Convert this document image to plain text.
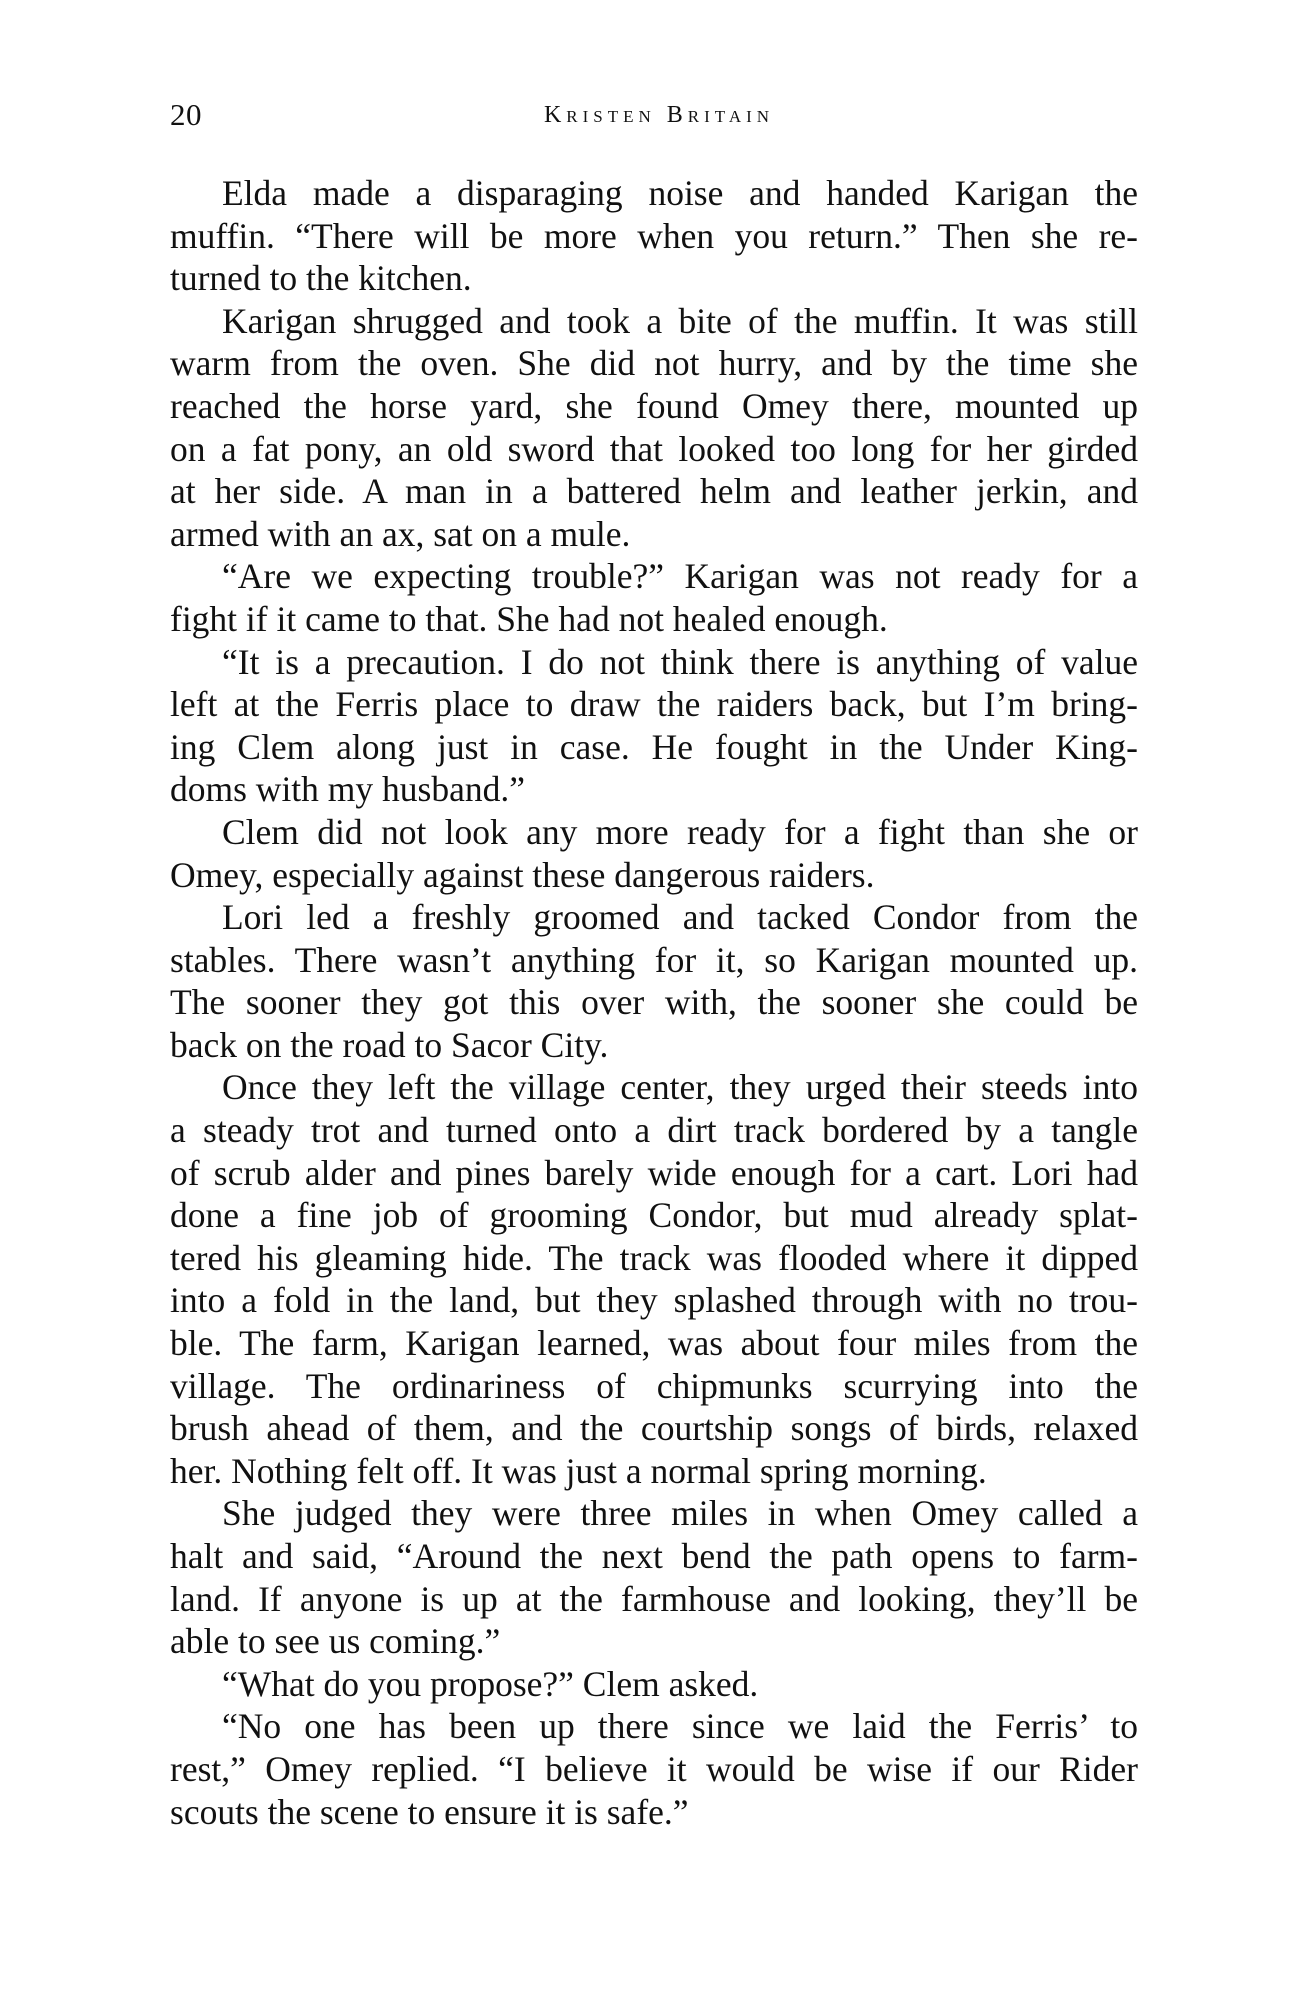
20	Kristen Britain
Elda made a disparaging noise and handed Karigan the
muffin. “There will be more when you return.” Then she re-
turned to the kitchen.
Karigan shrugged and took a bite of the muffin. It was still
warm from the oven. She did not hurry, and by the time she
reached the horse yard, she found Omey there, mounted up
on a fat pony, an old sword that looked too long for her girded
at her side. A man in a battered helm and leather jerkin, and
armed with an ax, sat on a mule.
“Are we expecting trouble?” Karigan was not ready for a
fight if it came to that. She had not healed enough.
“It is a precaution. I do not think there is anything of value
left at the Ferris place to draw the raiders back, but I’m bring-
ing Clem along just in case. He fought in the Under King-
doms with my husband.”
Clem did not look any more ready for a fight than she or
Omey, especially against these dangerous raiders.
Lori led a freshly groomed and tacked Condor from the
stables. There wasn’t anything for it, so Karigan mounted up.
The sooner they got this over with, the sooner she could be
back on the road to Sacor City.
Once they left the village center, they urged their steeds into
a steady trot and turned onto a dirt track bordered by a tangle
of scrub alder and pines barely wide enough for a cart. Lori had
done a fine job of grooming Condor, but mud already splat-
tered his gleaming hide. The track was flooded where it dipped
into a fold in the land, but they splashed through with no trou-
ble. The farm, Karigan learned, was about four miles from the
village. The ordinariness of chipmunks scurrying into the
brush ahead of them, and the courtship songs of birds, relaxed
her. Nothing felt off. It was just a normal spring morning.
She judged they were three miles in when Omey called a
halt and said, “Around the next bend the path opens to farm-
land. If anyone is up at the farmhouse and looking, they’ll be
able to see us coming.”
“What do you propose?” Clem asked.
“No one has been up there since we laid the Ferris’ to
rest,” Omey replied. “I believe it would be wise if our Rider
scouts the scene to ensure it is safe.”
